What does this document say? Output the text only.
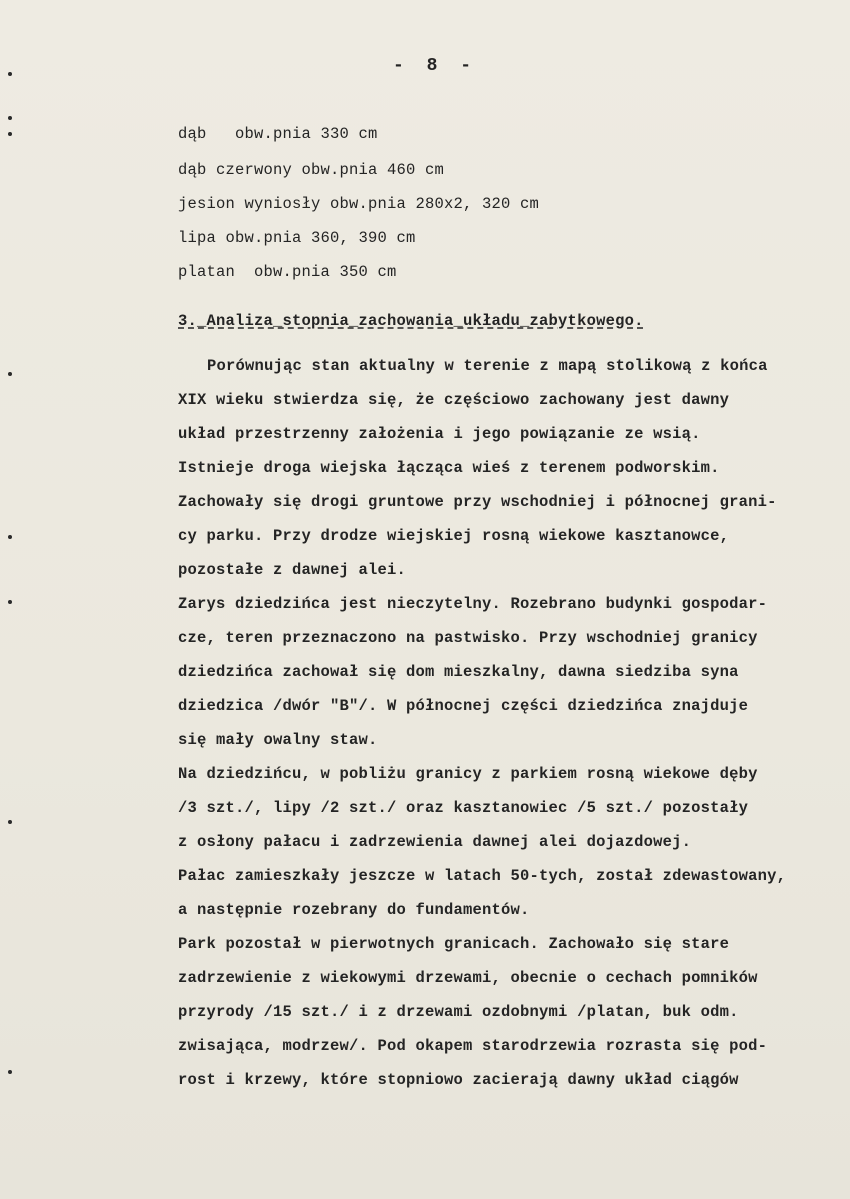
- 8 -
dąb   obw.pnia 330 cm
dąb czerwony obw.pnia 460 cm
jesion wyniosły obw.pnia 280x2, 320 cm
lipa obw.pnia 360, 390 cm
platan  obw.pnia 350 cm
3._Analiza_stopnia_zachowania_układu_zabytkowego.
Porównując stan aktualny w terenie z mapą stolikową z końca
XIX wieku stwierdza się, że częściowo zachowany jest dawny
układ przestrzenny założenia i jego powiązanie ze wsią.
Istnieje droga wiejska łącząca wieś z terenem podworskim.
Zachowały się drogi gruntowe przy wschodniej i północnej grani-
cy parku. Przy drodze wiejskiej rosną wiekowe kasztanowce,
pozostałe z dawnej alei.
Zarys dziedzińca jest nieczytelny. Rozebrano budynki gospodar-
cze, teren przeznaczono na pastwisko. Przy wschodniej granicy
dziedzińca zachował się dom mieszkalny, dawna siedziba syna
dziedzica /dwór "B"/. W północnej części dziedzińca znajduje
się mały owalny staw.
Na dziedzińcu, w pobliżu granicy z parkiem rosną wiekowe dęby
/3 szt./, lipy /2 szt./ oraz kasztanowiec /5 szt./ pozostały
z osłony pałacu i zadrzewienia dawnej alei dojazdowej.
Pałac zamieszkały jeszcze w latach 50-tych, został zdewastowany,
a następnie rozebrany do fundamentów.
Park pozostał w pierwotnych granicach. Zachowało się stare
zadrzewienie z wiekowymi drzewami, obecnie o cechach pomników
przyrody /15 szt./ i z drzewami ozdobnymi /platan, buk odm.
zwisająca, modrzew/. Pod okapem starodrzewia rozrasta się pod-
rost i krzewy, które stopniowo zacierają dawny układ ciągów
